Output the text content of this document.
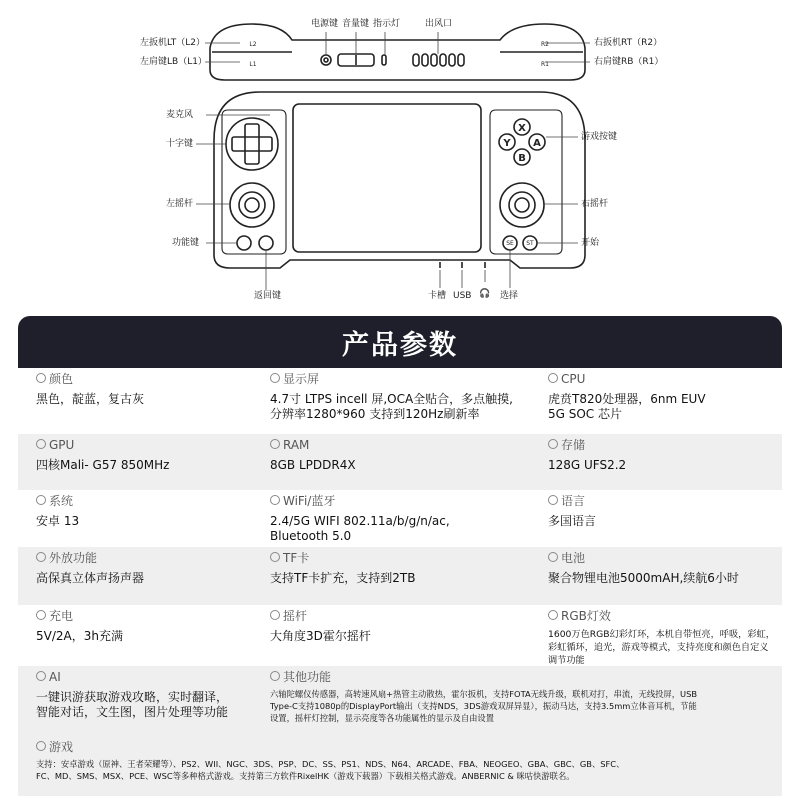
L2
L1
R2
R1
SE ST
X
Y A
B
左扳机LT（L2）
左肩键LB（L1）
电源键 音量键 指示灯	出风口
右扳机RT（R2）
右肩键RB（R1）
麦克风
十字键
游戏按键
左摇杆	右摇杆
功能键	开始
返回键	卡槽 USB 🎧 选择
产品参数
颜色
黑色，靛蓝，复古灰
显示屏
4.7寸 LTPS incell 屏,OCA全贴合，多点触摸,
分辨率1280*960 支持到120Hz刷新率
CPU
虎贲T820处理器，6nm EUV
5G SOC 芯片
GPU
四核Mali- G57 850MHz
RAM
8GB LPDDR4X
存储
128G UFS2.2
系统
安卓 13
WiFi/蓝牙
2.4/5G WIFI 802.11a/b/g/n/ac,
Bluetooth 5.0
语言
多国语言
外放功能
高保真立体声扬声器
TF卡
支持TF卡扩充，支持到2TB
电池
聚合物锂电池5000mAH,续航6小时
充电
5V/2A，3h充满
摇杆
大角度3D霍尔摇杆
RGB灯效
1600万色RGB幻彩灯环，本机自带恒亮，呼吸，彩虹，
彩虹循环，追光，游戏等模式，支持亮度和颜色自定义
调节功能
AI
一键识游获取游戏攻略，实时翻译，
智能对话，文生图，图片处理等功能
其他功能
六轴陀螺仪传感器，高转速风扇+热管主动散热，霍尔扳机，支持FOTA无线升级，联机对打，串流，无线投屏，USB
Type-C支持1080p的DisplayPort输出（支持NDS，3DS游戏双屏异显），振动马达，支持3.5mm立体音耳机，节能
设置，摇杆灯控制，显示亮度等各功能属性的显示及自由设置
游戏
支持：安卓游戏（原神、王者荣耀等）、PS2、WII、NGC、3DS、PSP、DC、SS、PS1、NDS、N64、ARCADE、FBA、NEOGEO、GBA、GBC、GB、SFC、
FC、MD、SMS、MSX、PCE、WSC等多种格式游戏。支持第三方软件RixelHK（游戏下载器）下载相关格式游戏。ANBERNIC & 咪咕快游联名。
